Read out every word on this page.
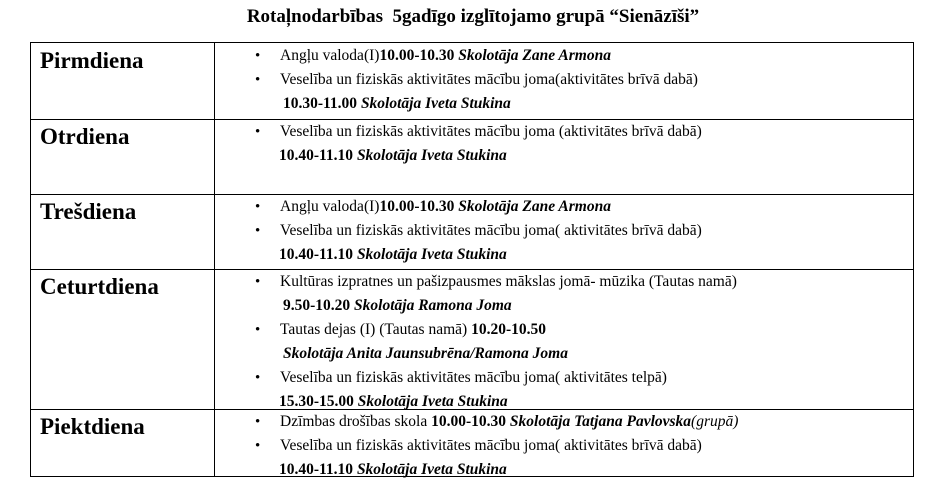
Rotaļnodarbības  5gadīgo izglītojamo grupā “Sienāzīši”
Pirmdiena	• Angļu valoda(I)10.00-10.30 Skolotāja Zane Armona
• Veselība un fiziskās aktivitātes mācību joma(aktivitātes brīvā dabā)
10.30-11.00 Skolotāja Iveta Stukina
Otrdiena	• Veselība un fiziskās aktivitātes mācību joma (aktivitātes brīvā dabā)
10.40-11.10 Skolotāja Iveta Stukina
Trešdiena	• Angļu valoda(I)10.00-10.30 Skolotāja Zane Armona
• Veselība un fiziskās aktivitātes mācību joma( aktivitātes brīvā dabā)
10.40-11.10 Skolotāja Iveta Stukina
Ceturtdiena	• Kultūras izpratnes un pašizpausmes mākslas jomā- mūzika (Tautas namā)
9.50-10.20 Skolotāja Ramona Joma
• Tautas dejas (I) (Tautas namā) 10.20-10.50
Skolotāja Anita Jaunsubrēna/Ramona Joma
• Veselība un fiziskās aktivitātes mācību joma( aktivitātes telpā)
15.30-15.00 Skolotāja Iveta Stukina
Piektdiena	• Dzīmbas drošības skola 10.00-10.30 Skolotāja Tatjana Pavlovska(grupā)
• Veselība un fiziskās aktivitātes mācību joma( aktivitātes brīvā dabā)
10.40-11.10 Skolotāja Iveta Stukina
